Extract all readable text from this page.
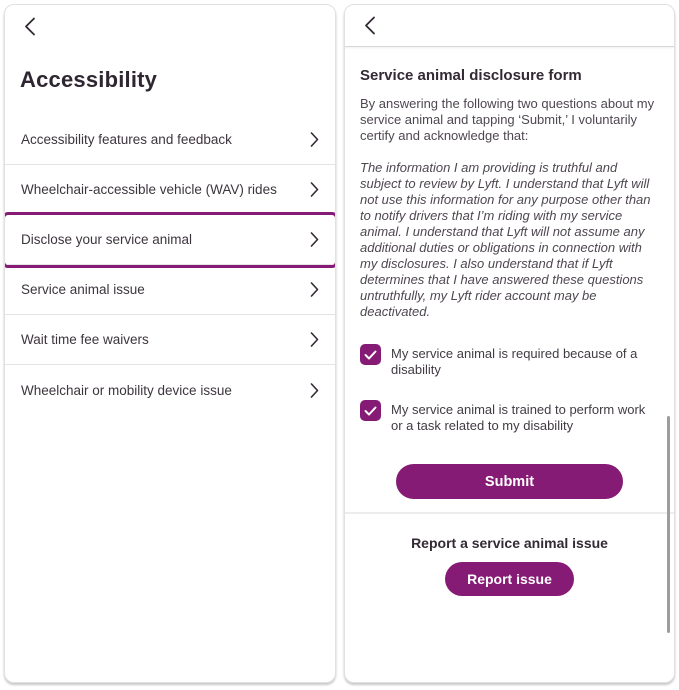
Accessibility
Accessibility features and feedback
Wheelchair-accessible vehicle (WAV) rides
Disclose your service animal
Service animal issue
Wait time fee waivers
Wheelchair or mobility device issue
Service animal disclosure form

By answering the following two questions about my service animal and tapping ‘Submit,’ I voluntarily certify and acknowledge that:

The information I am providing is truthful and subject to review by Lyft. I understand that Lyft will not use this information for any purpose other than to notify drivers that I’m riding with my service animal. I understand that Lyft will not assume any additional duties or obligations in connection with my disclosures. I also understand that if Lyft determines that I have answered these questions untruthfully, my Lyft rider account may be deactivated.

My service animal is required because of a disability
My service animal is trained to perform work or a task related to my disability
Submit
Report a service animal issue
Report issue
